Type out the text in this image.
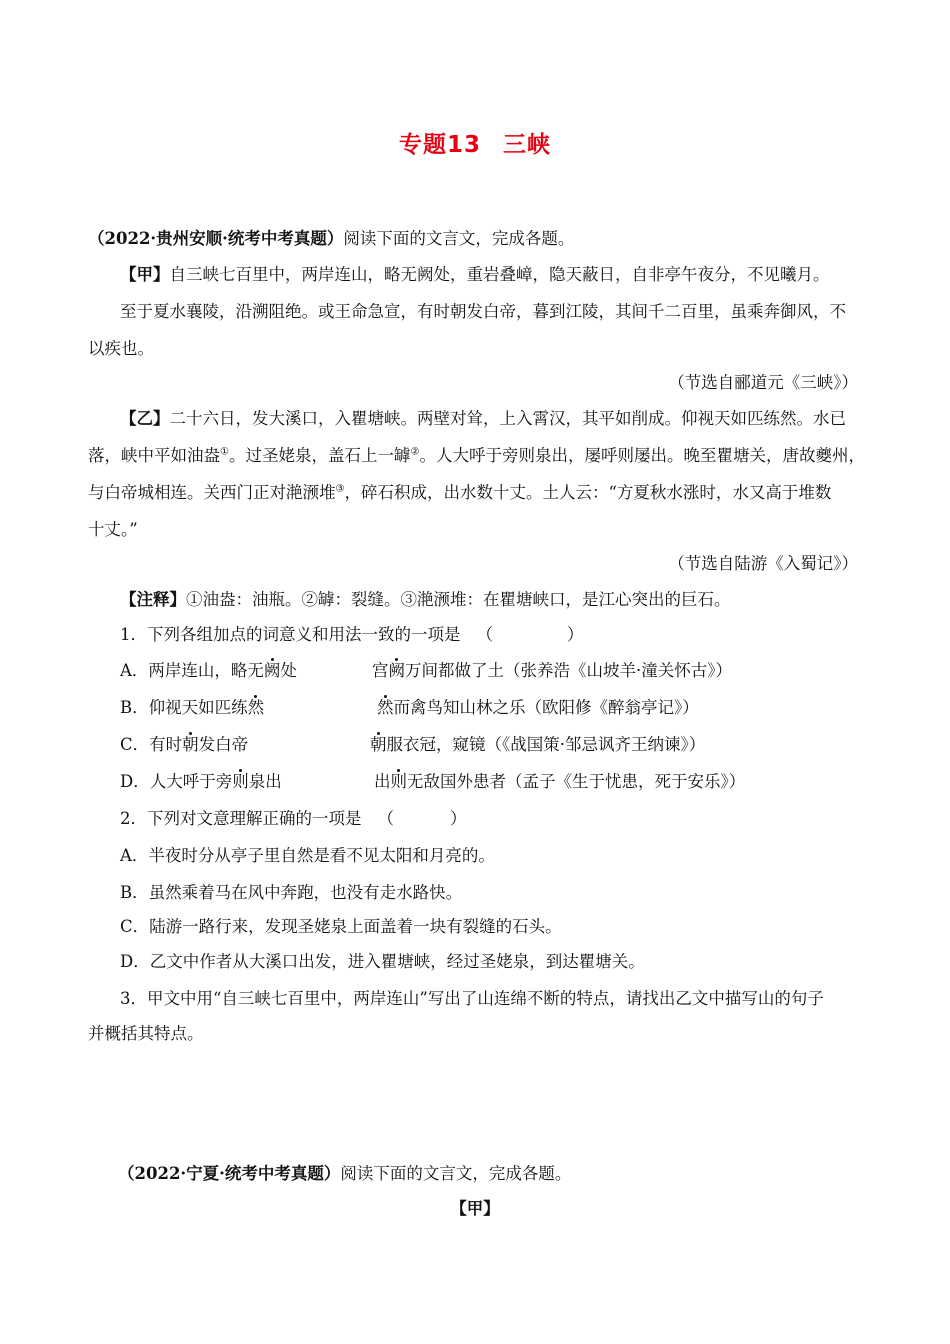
专题13 三峡
（2022·贵州安顺·统考中考真题）阅读下面的文言文，完成各题。
【甲】自三峡七百里中，两岸连山，略无阙处，重岩叠嶂，隐天蔽日，自非亭午夜分，不见曦月。
至于夏水襄陵，沿溯阻绝。或王命急宣，有时朝发白帝，暮到江陵，其间千二百里，虽乘奔御风，不
以疾也。
（节选自郦道元《三峡》）
【乙】二十六日，发大溪口，入瞿塘峡。两壁对耸，上入霄汉，其平如削成。仰视天如匹练然。水已
落，峡中平如油盎①。过圣姥泉，盖石上一罅②。人大呼于旁则泉出，屡呼则屡出。晚至瞿塘关，唐故夔州，
与白帝城相连。关西门正对滟滪堆③，碎石积成，出水数十丈。土人云：“方夏秋水涨时，水又高于堆数
十丈。”
（节选自陆游《入蜀记》）
【注释】①油盎：油瓶。②罅：裂缝。③滟滪堆：在瞿塘峡口，是江心突出的巨石。
1．下列各组加点的词意义和用法一致的一项是 （	）
A．两岸连山，略无阙处	宫阙万间都做了土（张养浩《山坡羊·潼关怀古》）
B．仰视天如匹练然	然而禽鸟知山林之乐（欧阳修《醉翁亭记》）
C．有时朝发白帝	朝服衣冠，窥镜（《战国策·邹忌讽齐王纳谏》）
D．人大呼于旁则泉出	出则无敌国外患者（孟子《生于忧患，死于安乐》）
2．下列对文意理解正确的一项是 （	）
A．半夜时分从亭子里自然是看不见太阳和月亮的。
B．虽然乘着马在风中奔跑，也没有走水路快。
C．陆游一路行来，发现圣姥泉上面盖着一块有裂缝的石头。
D．乙文中作者从大溪口出发，进入瞿塘峡，经过圣姥泉，到达瞿塘关。
3．甲文中用“自三峡七百里中，两岸连山”写出了山连绵不断的特点，请找出乙文中描写山的句子
并概括其特点。
（2022·宁夏·统考中考真题）阅读下面的文言文，完成各题。
【甲】
